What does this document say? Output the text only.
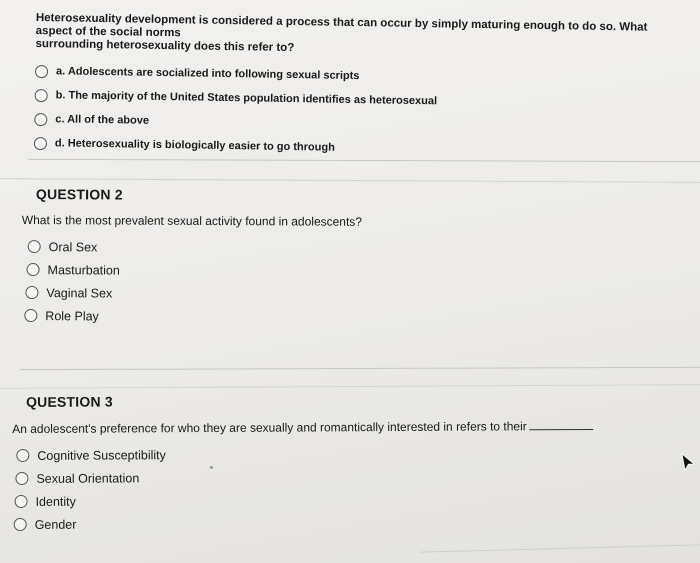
Heterosexuality development is considered a process that can occur by simply maturing enough to do so. What aspect of the social norms
surrounding heterosexuality does this refer to?
a. Adolescents are socialized into following sexual scripts
b. The majority of the United States population identifies as heterosexual
c. All of the above
d. Heterosexuality is biologically easier to go through
QUESTION 2
What is the most prevalent sexual activity found in adolescents?
Oral Sex
Masturbation
Vaginal Sex
Role Play
QUESTION 3
An adolescent's preference for who they are sexually and romantically interested in refers to their
Cognitive Susceptibility
Sexual Orientation
Identity
Gender
